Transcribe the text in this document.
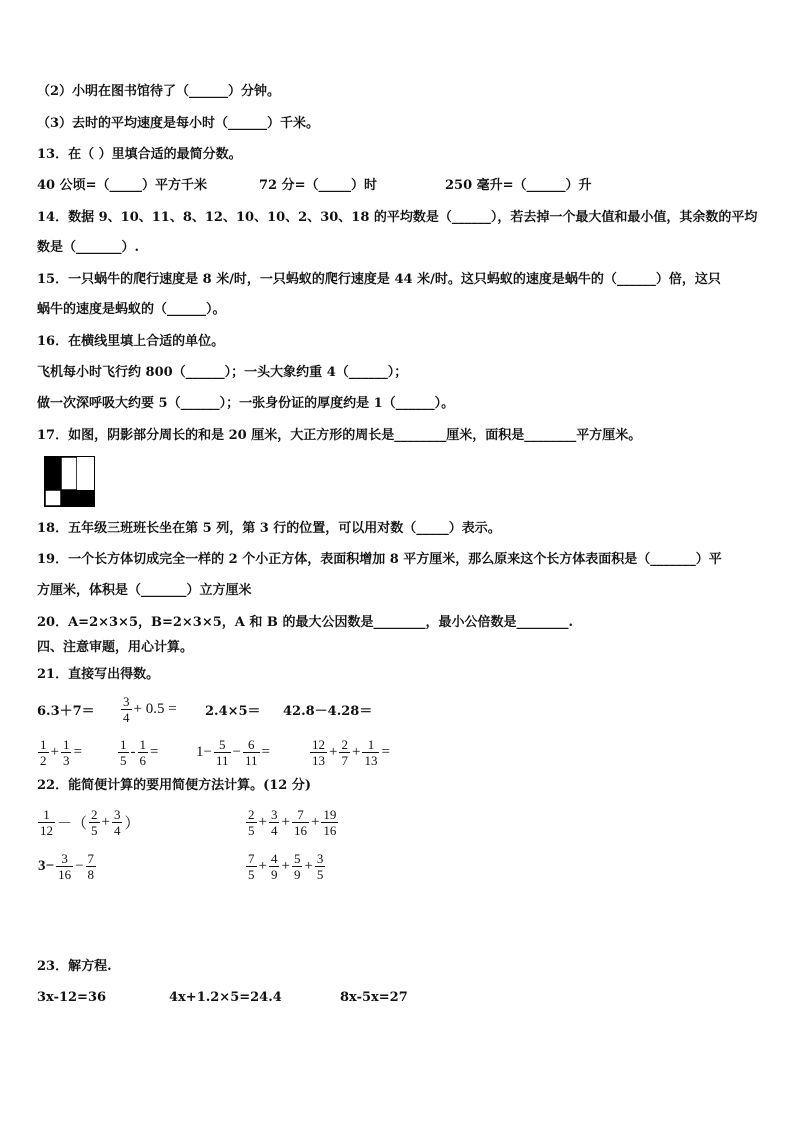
（2）小明在图书馆待了（______）分钟。
（3）去时的平均速度是每小时（______）千米。
13．在（ ）里填合适的最简分数。
40 公顷=（_____）平方千米	72 分=（_____）时	250 毫升=（______）升
14．数据 9、10、11、8、12、10、10、2、30、18 的平均数是（______），若去掉一个最大值和最小值，其余数的平均
数是（_______）.
15．一只蜗牛的爬行速度是 8 米/时，一只蚂蚁的爬行速度是 44 米/时。这只蚂蚁的速度是蜗牛的（______）倍，这只
蜗牛的速度是蚂蚁的（______）。
16．在横线里填上合适的单位。
飞机每小时飞行约 800（______）；一头大象约重 4（______）；
做一次深呼吸大约要 5（______）；一张身份证的厚度约是 1（______）。
17．如图，阴影部分周长的和是 20 厘米，大正方形的周长是________厘米，面积是________平方厘米。
18．五年级三班班长坐在第 5 列，第 3 行的位置，可以用对数（_____）表示。
19．一个长方体切成完全一样的 2 个小正方体，表面积增加 8 平方厘米，那么原来这个长方体表面积是（_______）平
方厘米，体积是（_______）立方厘米
20．A=2×3×5，B=2×3×5，A 和 B 的最大公因数是________，最小公倍数是________.
四、注意审题，用心计算。
21．直接写出得数。
$6.3+7= \frac{3}{4} + 0.5 = 2.4\times 5= 42.8-4.28=$
$\frac{1}{2} + \frac{1}{3}$ =	$\frac{1}{5} - \frac{1}{6}$ =	$1- \frac{5}{11} - \frac{6}{11}$ =	$\frac{12}{13} + \frac{2}{7} + \frac{1}{13}$ =
22．能简便计算的要用简便方法计算。(12 分)
$\frac{1}{12}$ －（ $\frac{2}{5} + \frac{3}{4}$ ）	$\frac{2}{5} + \frac{3}{4} + \frac{7}{16} + \frac{19}{16}$
$3- \frac{3}{16} - \frac{7}{8}$	$\frac{7}{5} + \frac{4}{9} + \frac{5}{9} + \frac{3}{5}$
23．解方程.
3x-12=36	4x+1.2×5=24.4	8x-5x=27
